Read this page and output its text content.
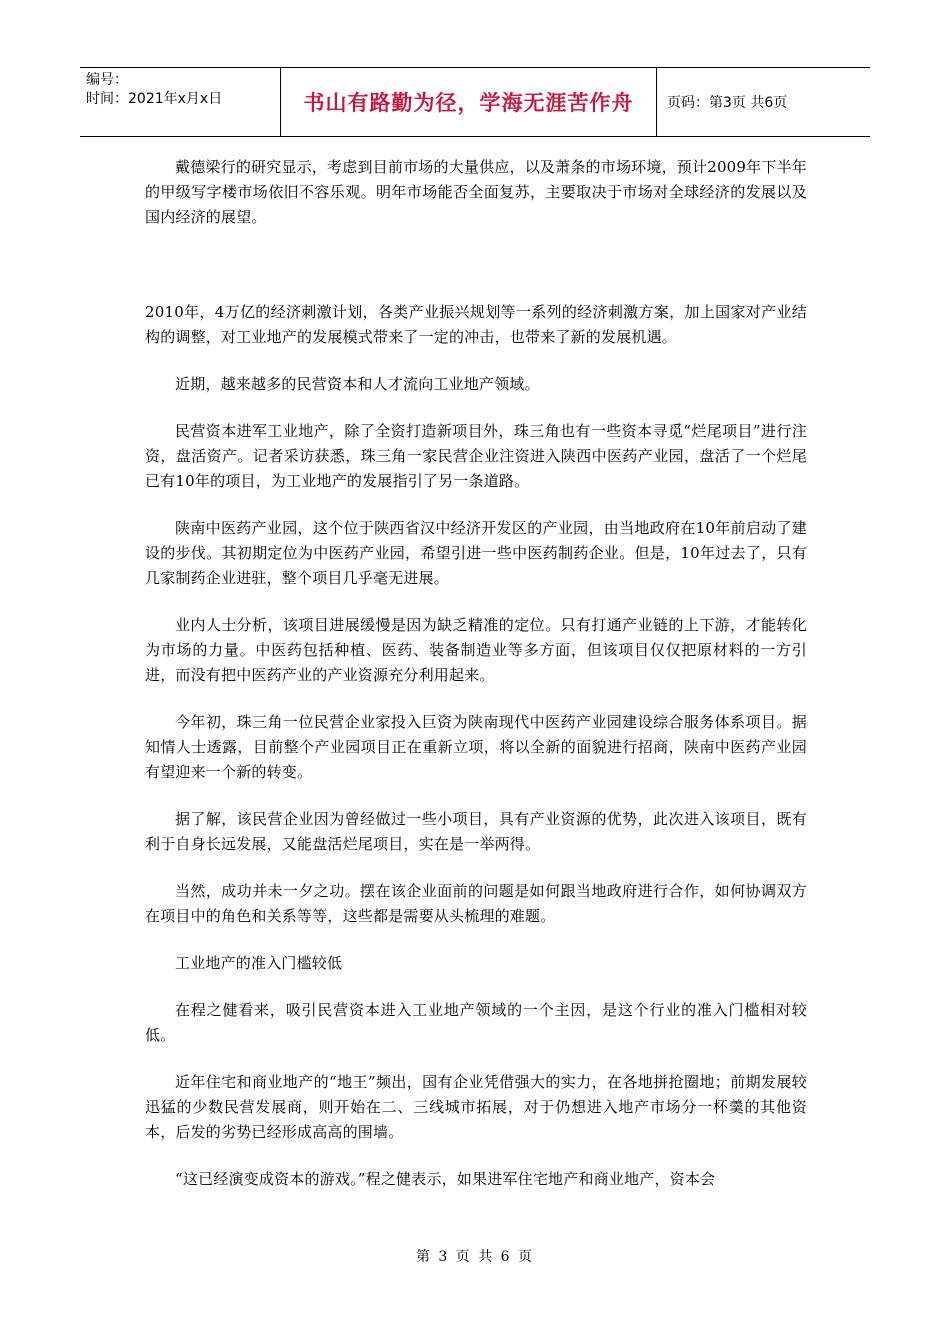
编号：
时间：2021年x月x日	书山有路勤为径，学海无涯苦作舟	页码：第3页 共6页

戴德梁行的研究显示，考虑到目前市场的大量供应，以及萧条的市场环境，预计2009年下半年的甲级写字楼市场依旧不容乐观。明年市场能否全面复苏，主要取决于市场对全球经济的发展以及国内经济的展望。

2010年，4万亿的经济刺激计划，各类产业振兴规划等一系列的经济刺激方案，加上国家对产业结构的调整，对工业地产的发展模式带来了一定的冲击，也带来了新的发展机遇。

近期，越来越多的民营资本和人才流向工业地产领域。

民营资本进军工业地产，除了全资打造新项目外，珠三角也有一些资本寻觅“烂尾项目”进行注资，盘活资产。记者采访获悉，珠三角一家民营企业注资进入陕西中医药产业园，盘活了一个烂尾已有10年的项目，为工业地产的发展指引了另一条道路。

陕南中医药产业园，这个位于陕西省汉中经济开发区的产业园，由当地政府在10年前启动了建设的步伐。其初期定位为中医药产业园，希望引进一些中医药制药企业。但是，10年过去了，只有几家制药企业进驻，整个项目几乎毫无进展。

业内人士分析，该项目进展缓慢是因为缺乏精准的定位。只有打通产业链的上下游，才能转化为市场的力量。中医药包括种植、医药、装备制造业等多方面，但该项目仅仅把原材料的一方引进，而没有把中医药产业的产业资源充分利用起来。

今年初，珠三角一位民营企业家投入巨资为陕南现代中医药产业园建设综合服务体系项目。据知情人士透露，目前整个产业园项目正在重新立项，将以全新的面貌进行招商，陕南中医药产业园有望迎来一个新的转变。

据了解，该民营企业因为曾经做过一些小项目，具有产业资源的优势，此次进入该项目，既有利于自身长远发展，又能盘活烂尾项目，实在是一举两得。

当然，成功并未一夕之功。摆在该企业面前的问题是如何跟当地政府进行合作，如何协调双方在项目中的角色和关系等等，这些都是需要从头梳理的难题。

工业地产的准入门槛较低

在程之健看来，吸引民营资本进入工业地产领域的一个主因，是这个行业的准入门槛相对较低。

近年住宅和商业地产的“地王”频出，国有企业凭借强大的实力，在各地拼抢圈地；前期发展较迅猛的少数民营发展商，则开始在二、三线城市拓展，对于仍想进入地产市场分一杯羹的其他资本，后发的劣势已经形成高高的围墙。

“这已经演变成资本的游戏。”程之健表示，如果进军住宅地产和商业地产，资本会

第 3 页 共 6 页
